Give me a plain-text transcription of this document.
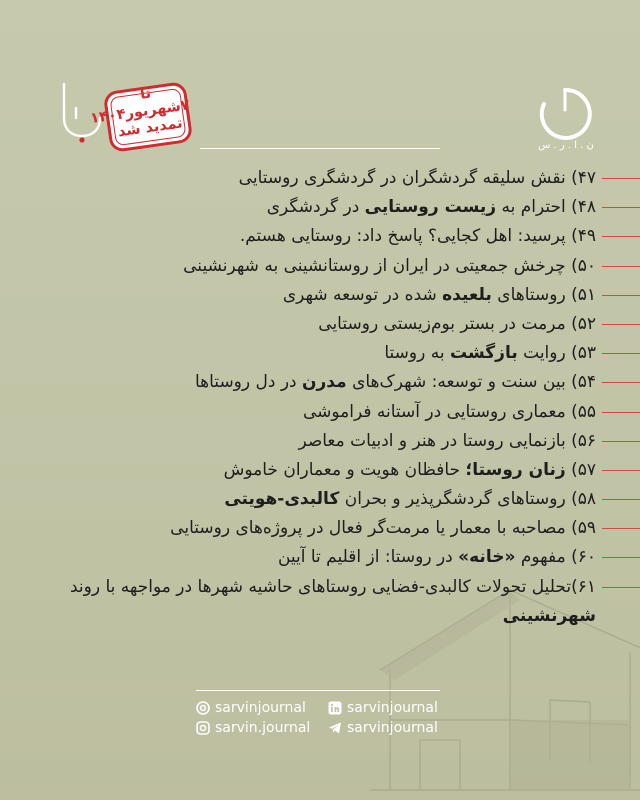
تا ۷شهریور۱۴۰۴
تمدید شد
ن . ا . ر . س
۴۷) نقش سلیقه گردشگران در گردشگری روستایی
۴۸) احترام به زیست روستایی در گردشگری
۴۹) پرسید: اهل کجایی؟ پاسخ داد: روستایی هستم.
۵۰) چرخش جمعیتی در ایران از روستانشینی به شهرنشینی
۵۱) روستاهای بلعیده شده در توسعه شهری
۵۲) مرمت در بستر بوم‌زیستی روستایی
۵۳) روایت بازگشت به روستا
۵۴) بین سنت و توسعه: شهرک‌های مدرن در دل روستاها
۵۵) معماری روستایی در آستانه فراموشی
۵۶) بازنمایی روستا در هنر و ادبیات معاصر
۵۷) زنان روستا؛ حافظان هویت و معماران خاموش
۵۸) روستاهای گردشگرپذیر و بحران کالبدی-هویتی
۵۹) مصاحبه با معمار یا مرمت‌گر فعال در پروژه‌های روستایی
۶۰) مفهوم «خانه» در روستا: از اقلیم تا آیین
۶۱)تحلیل تحولات کالبدی-فضایی روستاهای حاشیه شهرها در مواجهه با روند شهرنشینی
sarvinjournal	sarvinjournal
sarvin.journal	sarvinjournal
